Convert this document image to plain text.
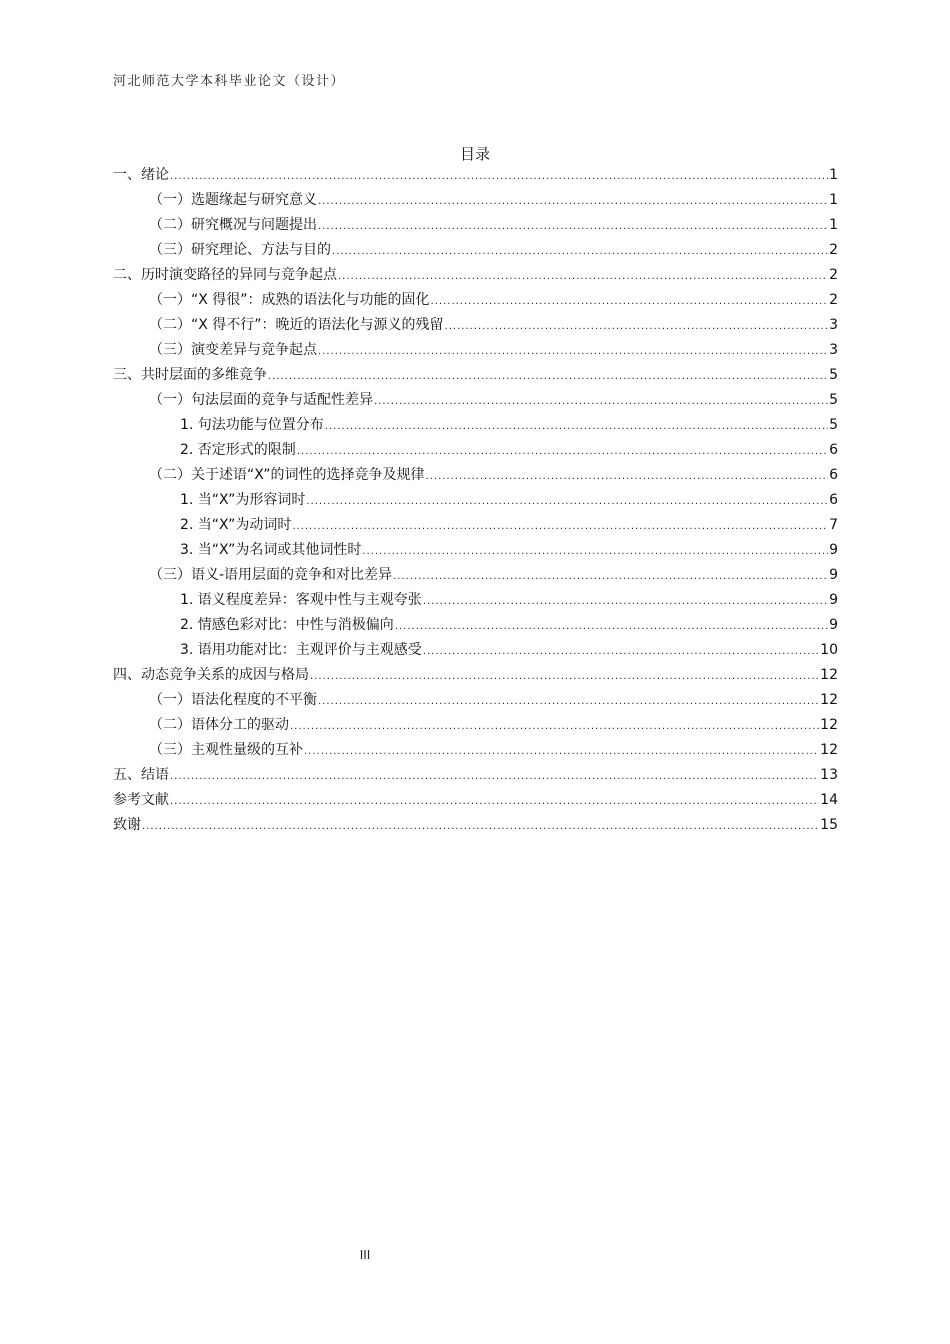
河北师范大学本科毕业论文（设计）
目录
一、绪论 .....	1
（一）选题缘起与研究意义 .....	1
（二）研究概况与问题提出 .....	1
（三）研究理论、方法与目的 .....	2
二、历时演变路径的异同与竞争起点 .....	2
（一）“X 得很”：成熟的语法化与功能的固化 .....	2
（二）“X 得不行”：晚近的语法化与源义的残留 .....	3
（三）演变差异与竞争起点 .....	3
三、共时层面的多维竞争 .....	5
（一）句法层面的竞争与适配性差异 .....	5
1. 句法功能与位置分布 .....	5
2. 否定形式的限制 .....	6
（二）关于述语“X”的词性的选择竞争及规律 .....	6
1. 当“X”为形容词时 .....	6
2. 当“X”为动词时 .....	7
3. 当“X”为名词或其他词性时 .....	9
（三）语义-语用层面的竞争和对比差异 .....	9
1. 语义程度差异：客观中性与主观夸张 .....	9
2. 情感色彩对比：中性与消极偏向 .....	9
3. 语用功能对比：主观评价与主观感受 .....	10
四、动态竞争关系的成因与格局 .....	12
（一）语法化程度的不平衡 .....	12
（二）语体分工的驱动 .....	12
（三）主观性量级的互补 .....	12
五、结语 .....	13
参考文献 .....	14
致谢 .....	15
III
